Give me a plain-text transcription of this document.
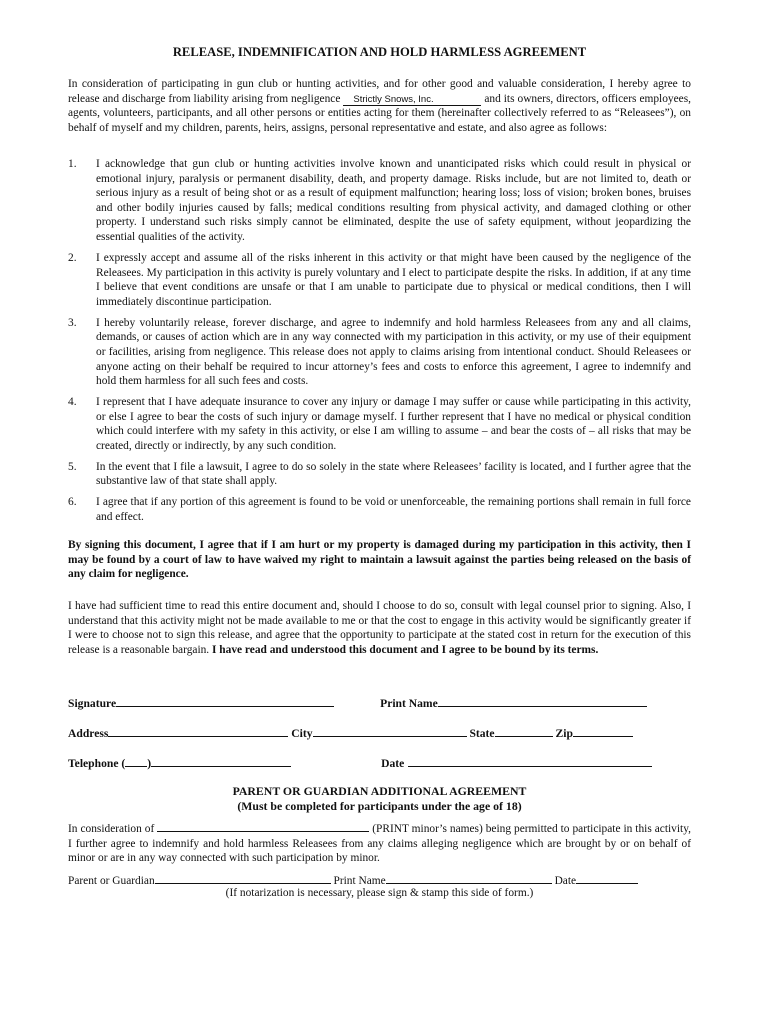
RELEASE, INDEMNIFICATION AND HOLD HARMLESS AGREEMENT
In consideration of participating in gun club or hunting activities, and for other good and valuable consideration, I hereby agree to release and discharge from liability arising from negligence Strictly Snows, Inc.	and its owners, directors, officers employees, agents, volunteers, participants, and all other persons or entities acting for them (hereinafter collectively referred to as “Releasees”), on behalf of myself and my children, parents, heirs, assigns, personal representative and estate, and also agree as follows:
1.	I acknowledge that gun club or hunting activities involve known and unanticipated risks which could result in physical or emotional injury, paralysis or permanent disability, death, and property damage. Risks include, but are not limited to, death or serious injury as a result of being shot or as a result of equipment malfunction; hearing loss; loss of vision; broken bones, bruises and other bodily injuries caused by falls; medical conditions resulting from physical activity, and damaged clothing or other property. I understand such risks simply cannot be eliminated, despite the use of safety equipment, without jeopardizing the essential qualities of the activity.
2.	I expressly accept and assume all of the risks inherent in this activity or that might have been caused by the negligence of the Releasees. My participation in this activity is purely voluntary and I elect to participate despite the risks. In addition, if at any time I believe that event conditions are unsafe or that I am unable to participate due to physical or medical conditions, then I will immediately discontinue participation.
3.	I hereby voluntarily release, forever discharge, and agree to indemnify and hold harmless Releasees from any and all claims, demands, or causes of action which are in any way connected with my participation in this activity, or my use of their equipment or facilities, arising from negligence. This release does not apply to claims arising from intentional conduct. Should Releasees or anyone acting on their behalf be required to incur attorney’s fees and costs to enforce this agreement, I agree to indemnify and hold them harmless for all such fees and costs.
4.	I represent that I have adequate insurance to cover any injury or damage I may suffer or cause while participating in this activity, or else I agree to bear the costs of such injury or damage myself. I further represent that I have no medical or physical condition which could interfere with my safety in this activity, or else I am willing to assume – and bear the costs of – all risks that may be created, directly or indirectly, by any such condition.
5.	In the event that I file a lawsuit, I agree to do so solely in the state where Releasees’ facility is located, and I further agree that the substantive law of that state shall apply.
6.	I agree that if any portion of this agreement is found to be void or unenforceable, the remaining portions shall remain in full force and effect.
By signing this document, I agree that if I am hurt or my property is damaged during my participation in this activity, then I may be found by a court of law to have waived my right to maintain a lawsuit against the parties being released on the basis of any claim for negligence.
I have had sufficient time to read this entire document and, should I choose to do so, consult with legal counsel prior to signing. Also, I understand that this activity might not be made available to me or that the cost to engage in this activity would be significantly greater if I were to choose not to sign this release, and agree that the opportunity to participate at the stated cost in return for the execution of this release is a reasonable bargain. I have read and understood this document and I agree to be bound by its terms.
Signature	Print Name
Address	City	State	Zip
Telephone ( )	Date
PARENT OR GUARDIAN ADDITIONAL AGREEMENT
(Must be completed for participants under the age of 18)
In consideration of	(PRINT minor’s names) being permitted to participate in this activity, I further agree to indemnify and hold harmless Releasees from any claims alleging negligence which are brought by or on behalf of minor or are in any way connected with such participation by minor.
Parent or Guardian	Print Name	Date
(If notarization is necessary, please sign & stamp this side of form.)
